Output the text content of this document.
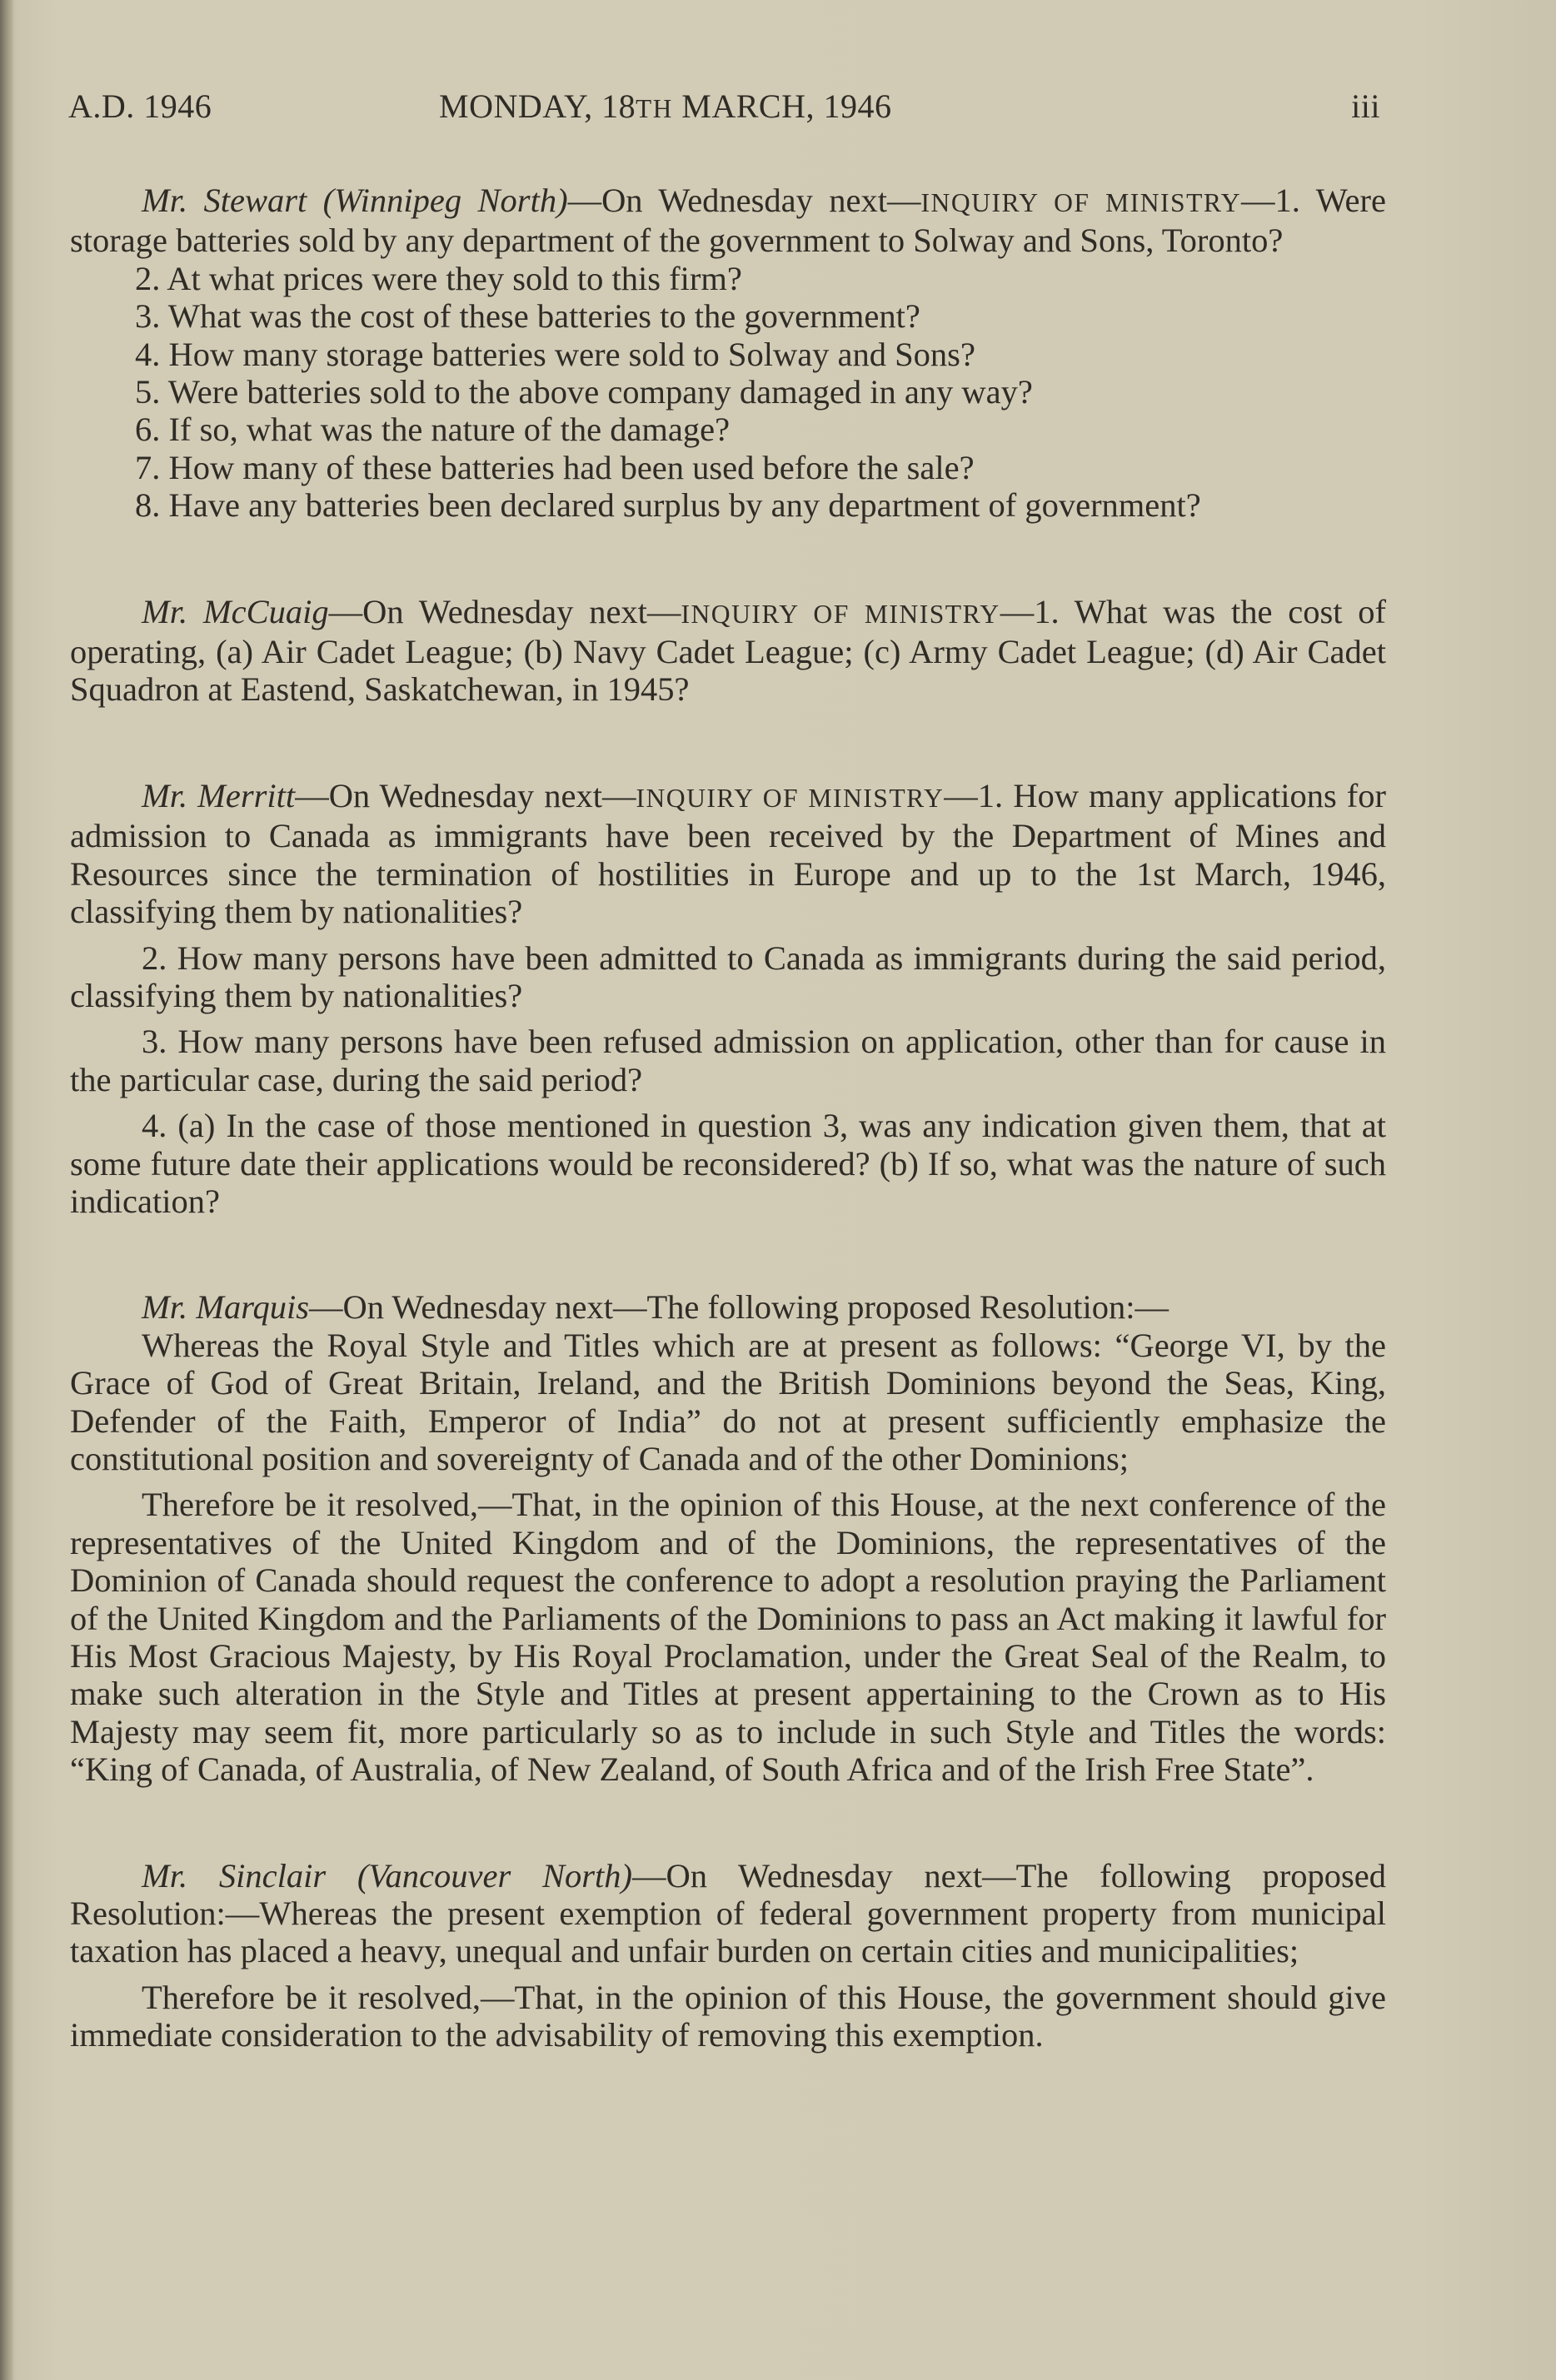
A.D. 1946	MONDAY, 18TH MARCH, 1946	iii

Mr. Stewart (Winnipeg North)—On Wednesday next—INQUIRY OF MINISTRY—1. Were storage batteries sold by any department of the government to Solway and Sons, Toronto?

2. At what prices were they sold to this firm?

3. What was the cost of these batteries to the government?

4. How many storage batteries were sold to Solway and Sons?

5. Were batteries sold to the above company damaged in any way?

6. If so, what was the nature of the damage?

7. How many of these batteries had been used before the sale?

8. Have any batteries been declared surplus by any department of government?

Mr. McCuaig—On Wednesday next—INQUIRY OF MINISTRY—1. What was the cost of operating, (a) Air Cadet League; (b) Navy Cadet League; (c) Army Cadet League; (d) Air Cadet Squadron at Eastend, Saskatchewan, in 1945?

Mr. Merritt—On Wednesday next—INQUIRY OF MINISTRY—1. How many applications for admission to Canada as immigrants have been received by the Department of Mines and Resources since the termination of hostilities in Europe and up to the 1st March, 1946, classifying them by nationalities?

2. How many persons have been admitted to Canada as immigrants during the said period, classifying them by nationalities?

3. How many persons have been refused admission on application, other than for cause in the particular case, during the said period?

4. (a) In the case of those mentioned in question 3, was any indication given them, that at some future date their applications would be reconsidered? (b) If so, what was the nature of such indication?

Mr. Marquis—On Wednesday next—The following proposed Resolution:—

Whereas the Royal Style and Titles which are at present as follows: “George VI, by the Grace of God of Great Britain, Ireland, and the British Dominions beyond the Seas, King, Defender of the Faith, Emperor of India” do not at present sufficiently emphasize the constitutional position and sovereignty of Canada and of the other Dominions;

Therefore be it resolved,—That, in the opinion of this House, at the next conference of the representatives of the United Kingdom and of the Dominions, the representatives of the Dominion of Canada should request the conference to adopt a resolution praying the Parliament of the United Kingdom and the Parliaments of the Dominions to pass an Act making it lawful for His Most Gracious Majesty, by His Royal Proclamation, under the Great Seal of the Realm, to make such alteration in the Style and Titles at present appertaining to the Crown as to His Majesty may seem fit, more particularly so as to include in such Style and Titles the words: “King of Canada, of Australia, of New Zealand, of South Africa and of the Irish Free State”.

Mr. Sinclair (Vancouver North)—On Wednesday next—The following proposed Resolution:—Whereas the present exemption of federal government property from municipal taxation has placed a heavy, unequal and unfair burden on certain cities and municipalities;

Therefore be it resolved,—That, in the opinion of this House, the government should give immediate consideration to the advisability of removing this exemption.
